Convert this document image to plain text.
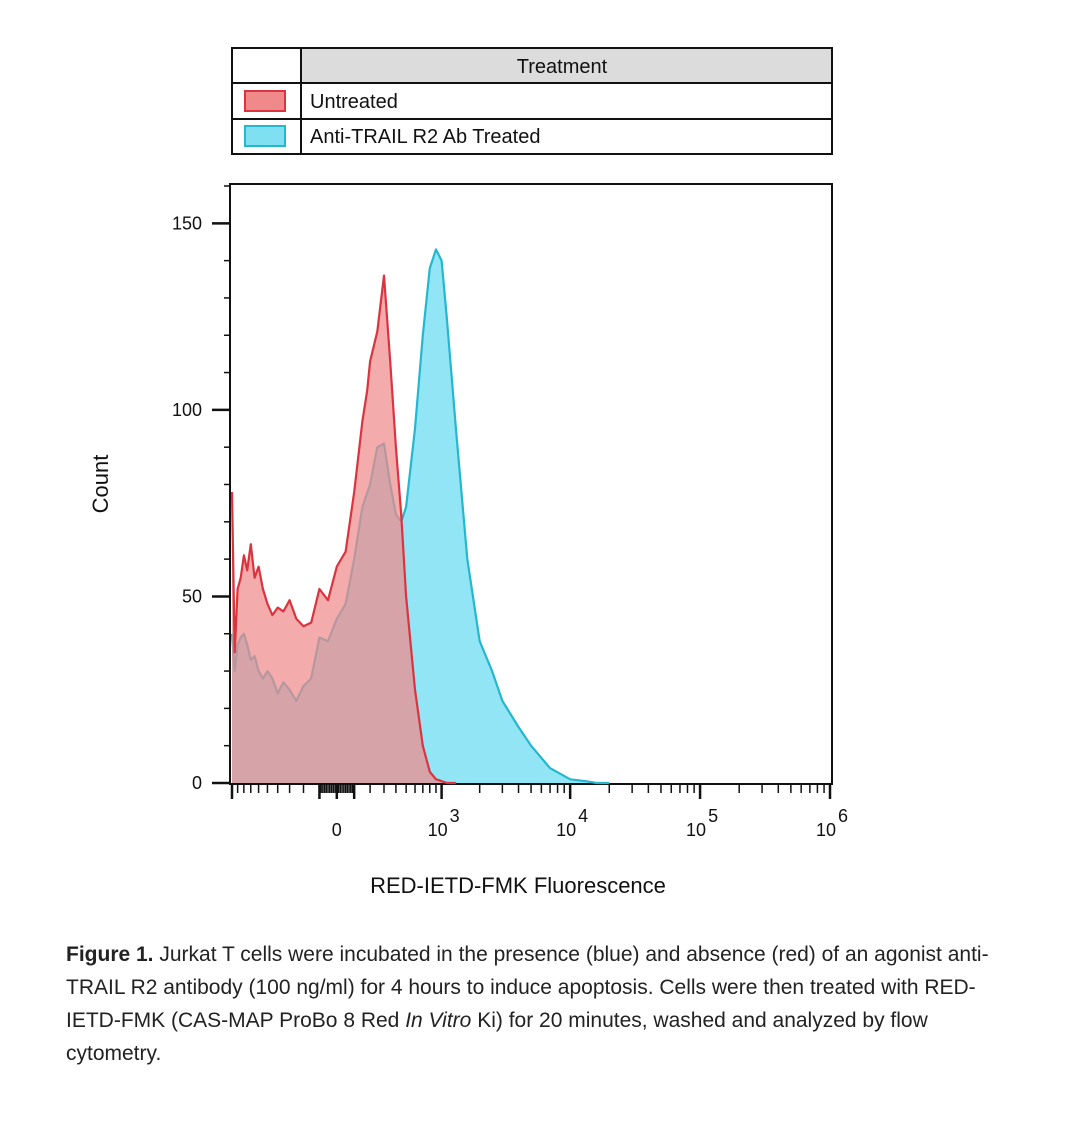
Treatment
Untreated
Anti-TRAIL R2 Ab Treated
0
50
100
150
0	10
3
10
4
10
5
10
6
Count
RED-IETD-FMK Fluorescence
Figure 1. Jurkat T cells were incubated in the presence (blue) and absence (red) of an agonist anti-TRAIL R2 antibody (100 ng/ml) for 4 hours to induce apoptosis. Cells were then treated with RED-IETD-FMK (CAS-MAP ProBo 8 Red In Vitro Ki) for 20 minutes, washed and analyzed by flow cytometry.
